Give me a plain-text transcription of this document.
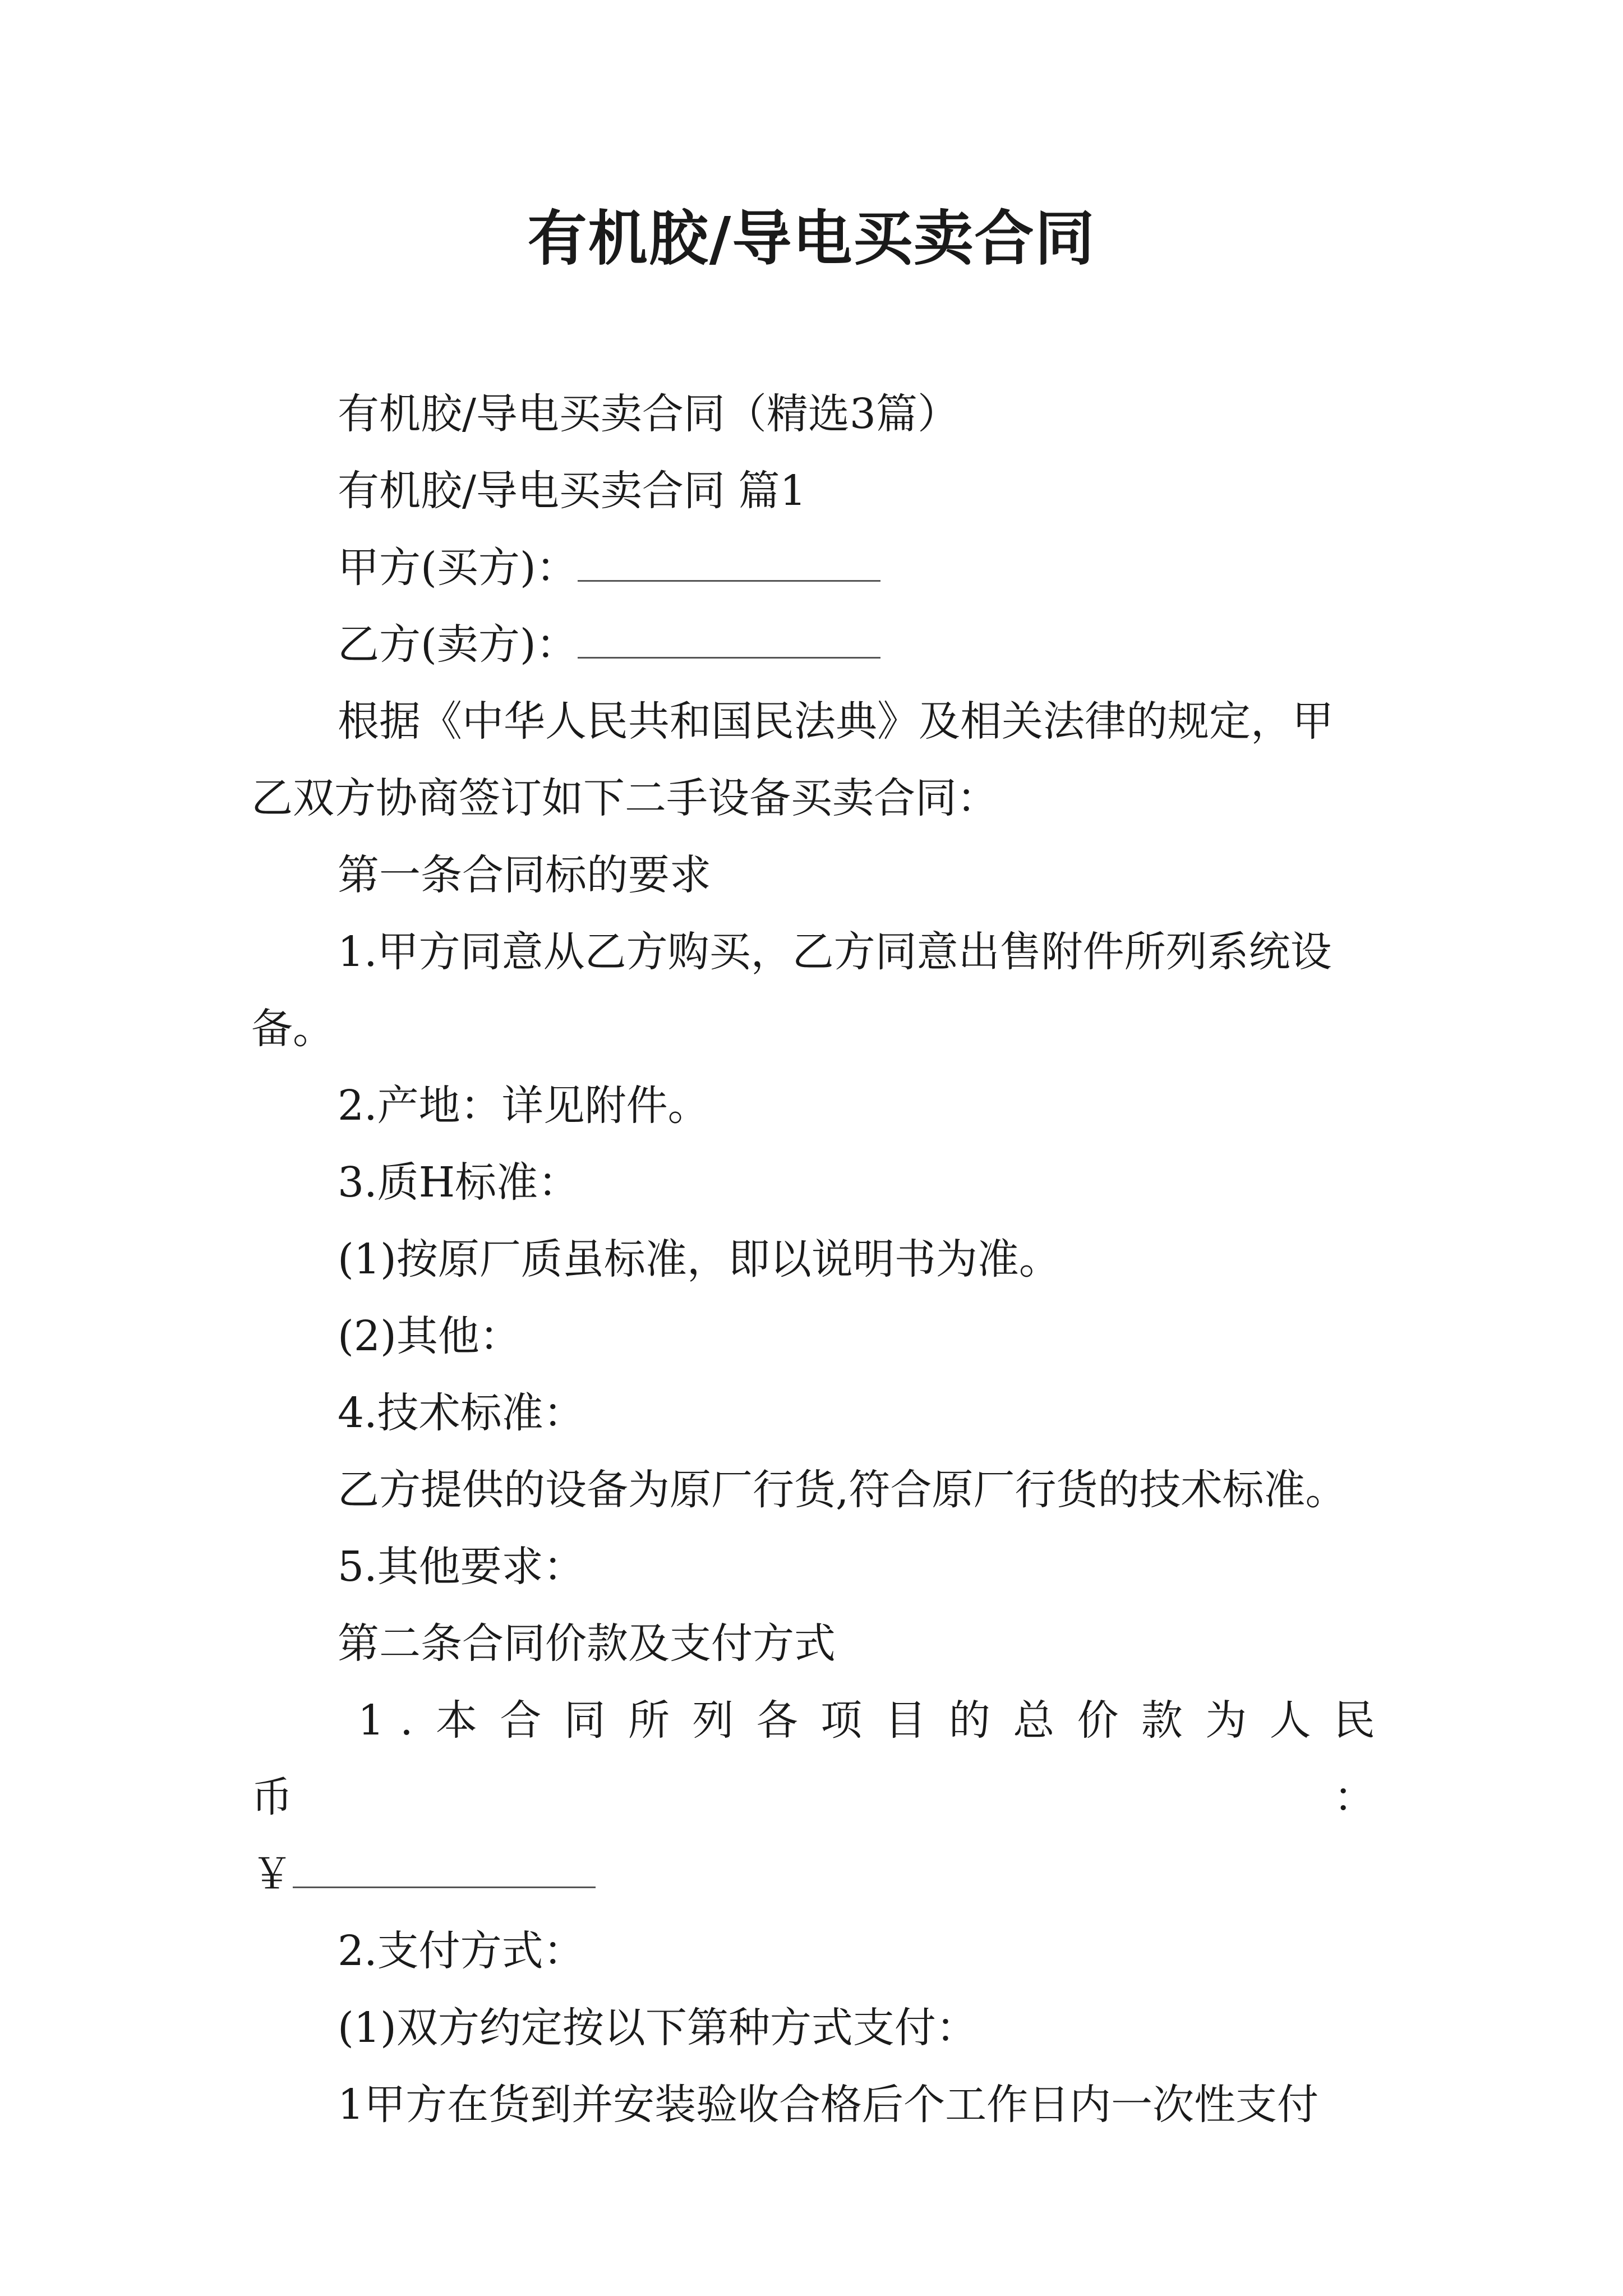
有机胶/导电买卖合同

有机胶/导电买卖合同（精选3篇）

有机胶/导电买卖合同 篇1

甲方(买方)：

乙方(卖方)：

根据《中华人民共和国民法典》及相关法律的规定，甲

乙双方协商签订如下二手设备买卖合同：

第一条合同标的要求

1.甲方同意从乙方购买，乙方同意出售附件所列系统设

备。

2.产地：详见附件。

3.质H标准：

(1)按原厂质虽标准，即以说明书为准。

(2)其他：

4.技术标准：

乙方提供的设备为原厂行货,符合原厂行货的技术标准。

5.其他要求：

第二条合同价款及支付方式

1.本合同所列各项目的总价款为人民币：

￥

2.支付方式：

(1)双方约定按以下第种方式支付：

1甲方在货到并安装验收合格后个工作日内一次性支付
